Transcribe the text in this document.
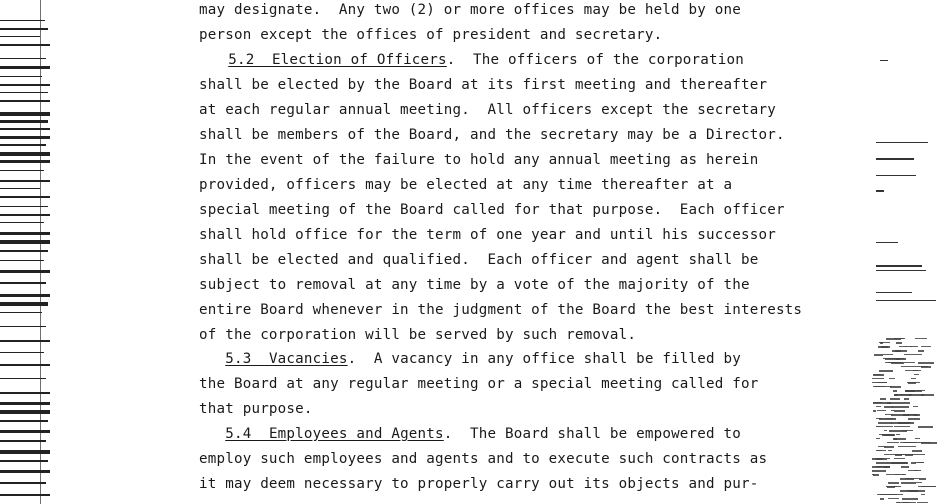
may designate.  Any two (2) or more offices may be held by one
person except the offices of president and secretary.
5.2  Election of Officers.  The officers of the corporation
shall be elected by the Board at its first meeting and thereafter
at each regular annual meeting.  All officers except the secretary
shall be members of the Board, and the secretary may be a Director.
In the event of the failure to hold any annual meeting as herein
provided, officers may be elected at any time thereafter at a
special meeting of the Board called for that purpose.  Each officer
shall hold office for the term of one year and until his successor
shall be elected and qualified.  Each officer and agent shall be
subject to removal at any time by a vote of the majority of the
entire Board whenever in the judgment of the Board the best interests
of the corporation will be served by such removal.
5.3  Vacancies.  A vacancy in any office shall be filled by
the Board at any regular meeting or a special meeting called for
that purpose.
5.4  Employees and Agents.  The Board shall be empowered to
employ such employees and agents and to execute such contracts as
it may deem necessary to properly carry out its objects and pur-
